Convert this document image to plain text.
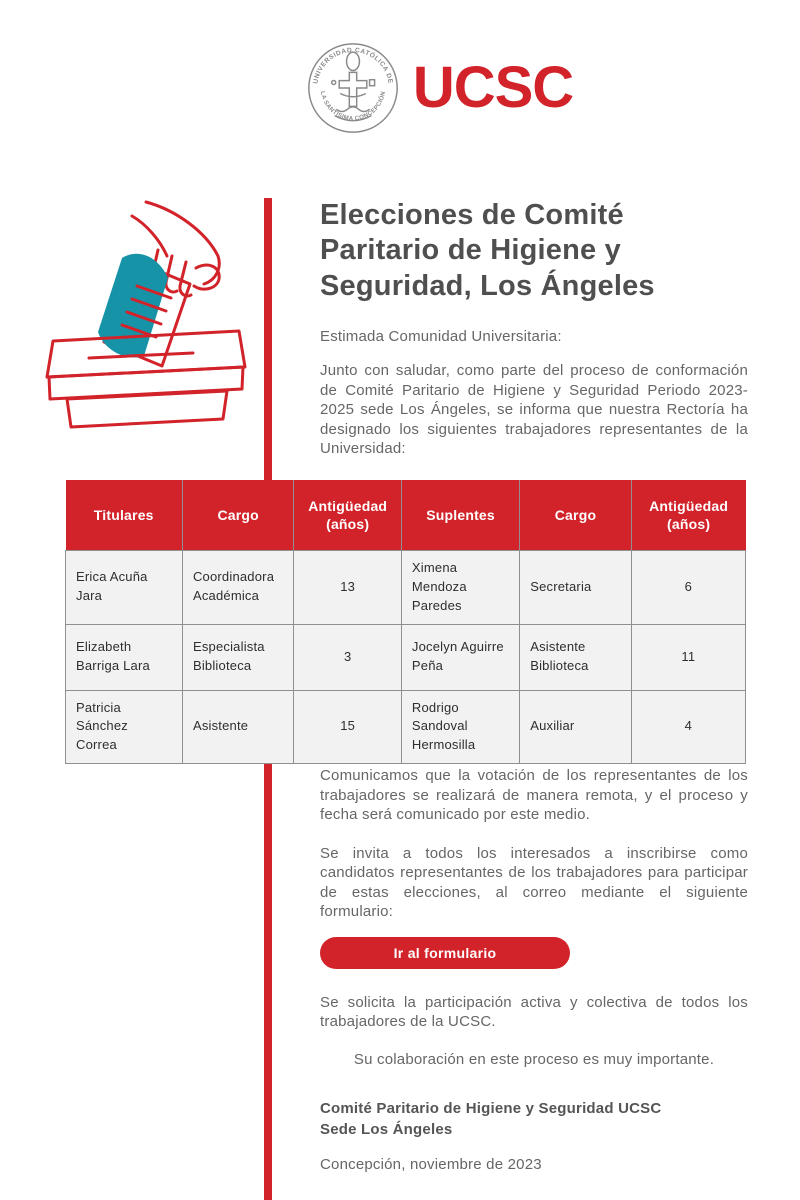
UNIVERSIDAD CATÓLICA DE
LA SANTÍSIMA CONCEPCIÓN UCSC
Elecciones de Comité
Paritario de Higiene y
Seguridad, Los Ángeles
Estimada Comunidad Universitaria:

Junto con saludar, como parte del proceso de conformación de Comité Paritario de Higiene y Seguridad Periodo 2023-2025 sede Los Ángeles, se informa que nuestra Rectoría ha designado los siguientes trabajadores representantes de la Universidad:

Titulares	Cargo	Antigüedad (años)	Suplentes	Cargo	Antigüedad (años)
Erica Acuña Jara	Coordinadora Académica	13	Ximena Mendoza Paredes	Secretaria	6
Elizabeth Barriga Lara	Especialista Biblioteca	3	Jocelyn Aguirre Peña	Asistente Biblioteca	11
Patricia Sánchez Correa	Asistente	15	Rodrigo Sandoval Hermosilla	Auxiliar	4

Comunicamos que la votación de los representantes de los trabajadores se realizará de manera remota, y el proceso y fecha será comunicado por este medio.

Se invita a todos los interesados a inscribirse como candidatos representantes de los trabajadores para participar de estas elecciones, al correo mediante el siguiente formulario:

Ir al formulario

Se solicita la participación activa y colectiva de todos los trabajadores de la UCSC.

Su colaboración en este proceso es muy importante.
Comité Paritario de Higiene y Seguridad UCSC
Sede Los Ángeles
Concepción, noviembre de 2023
